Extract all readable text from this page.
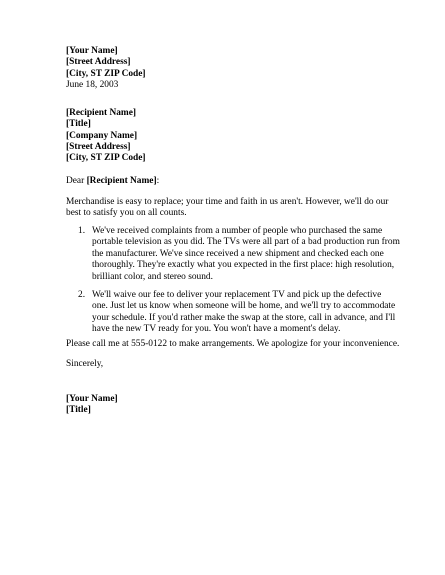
[Your Name]
[Street Address]
[City, ST ZIP Code]
June 18, 2003
[Recipient Name]
[Title]
[Company Name]
[Street Address]
[City, ST ZIP Code]
Dear [Recipient Name]:
Merchandise is easy to replace; your time and faith in us aren't. However, we'll do our
best to satisfy you on all counts.
1. We've received complaints from a number of people who purchased the same
portable television as you did. The TVs were all part of a bad production run from
the manufacturer. We've since received a new shipment and checked each one
thoroughly. They're exactly what you expected in the first place: high resolution,
brilliant color, and stereo sound.
2. We'll waive our fee to deliver your replacement TV and pick up the defective
one. Just let us know when someone will be home, and we'll try to accommodate
your schedule. If you'd rather make the swap at the store, call in advance, and I'll
have the new TV ready for you. You won't have a moment's delay.
Please call me at 555-0122 to make arrangements. We apologize for your inconvenience.
Sincerely,
[Your Name]
[Title]
